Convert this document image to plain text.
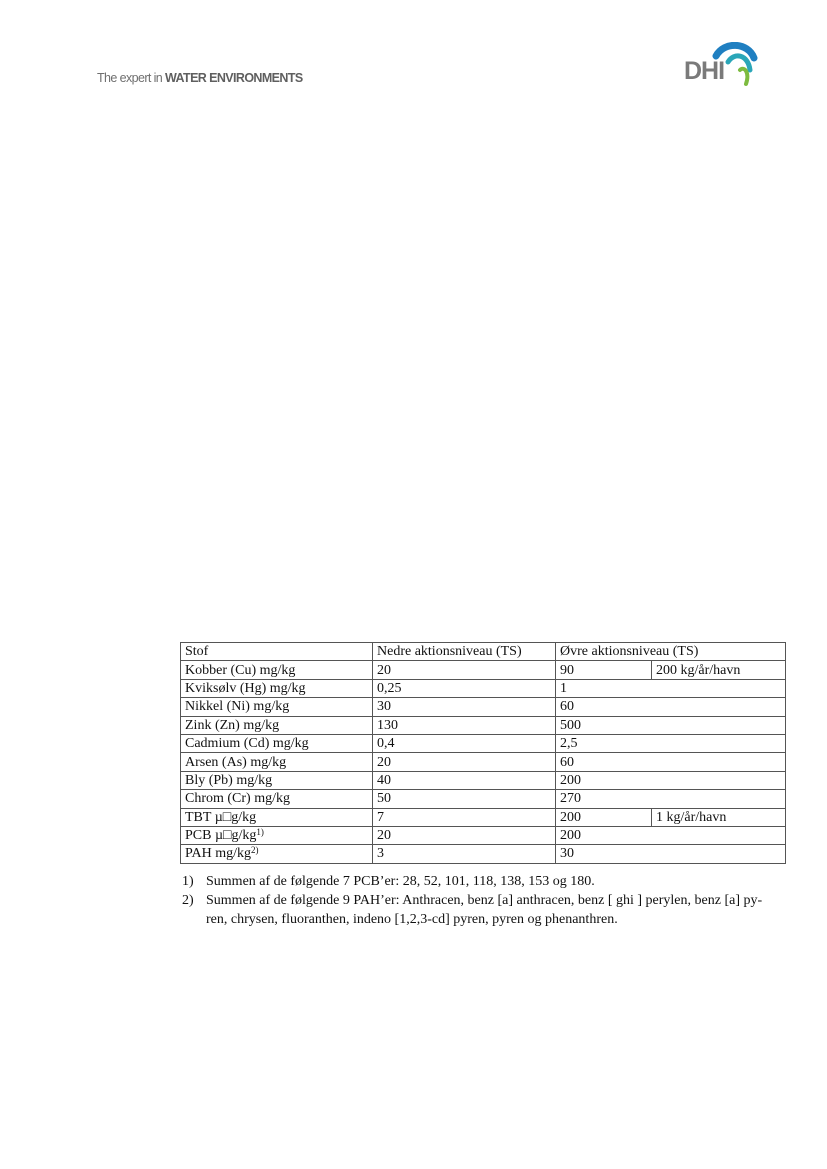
The expert in WATER ENVIRONMENTS	DHI
Stof	Nedre aktionsniveau (TS)	Øvre aktionsniveau (TS)	
Kobber (Cu) mg/kg	20	90	200 kg/år/havn
Kviksølv (Hg) mg/kg	0,25	1	
Nikkel (Ni) mg/kg	30	60	
Zink (Zn) mg/kg	130	500	
Cadmium (Cd) mg/kg	0,4	2,5	
Arsen (As) mg/kg	20	60	
Bly (Pb) mg/kg	40	200	
Chrom (Cr) mg/kg	50	270	
TBT µ□g/kg	7	200	1 kg/år/havn
PCB $\mu□g/kg^{1)}$	20	200	
PAH $mg/kg^{2)}$	3	30	
1) Summen af de følgende 7 PCB’er: 28, 52, 101, 118, 138, 153 og 180.
2) Summen af de følgende 9 PAH’er: Anthracen, benz [a] anthracen, benz [ ghi ] perylen, benz [a] py-
ren, chrysen, fluoranthen, indeno [1,2,3-cd] pyren, pyren og phenanthren.
